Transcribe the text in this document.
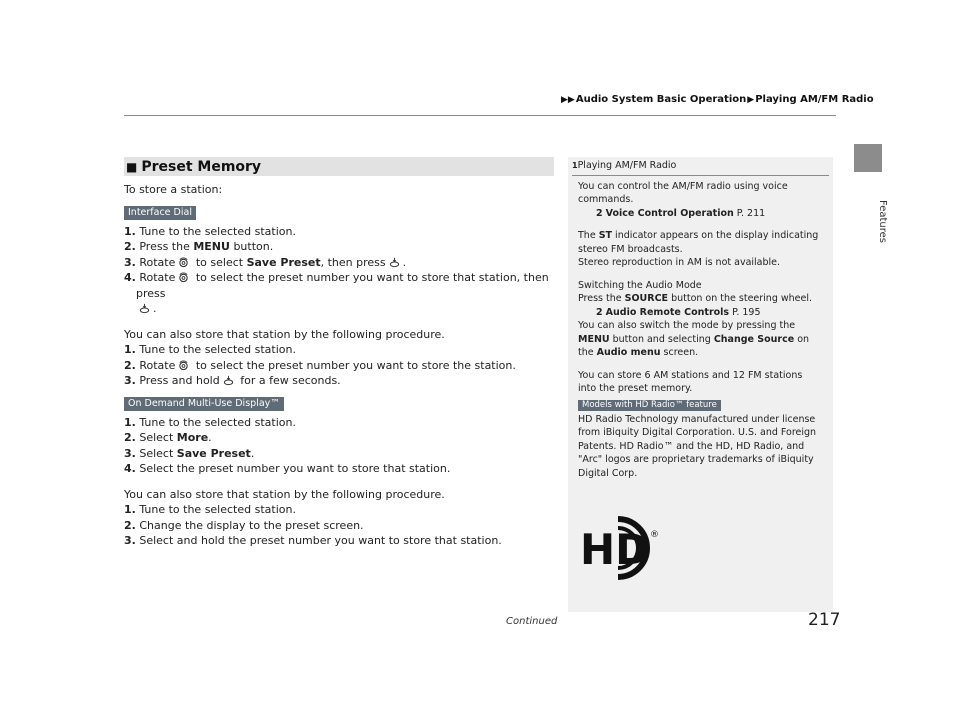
▶▶Audio System Basic Operation▶Playing AM/FM Radio
Features
■ Preset Memory

To store a station:

Interface Dial
1. Tune to the selected station.
2. Press the MENU button.
3. Rotate to select Save Preset, then press .
4. Rotate to select the preset number you want to store that station, then press
.

You can also store that station by the following procedure.

1. Tune to the selected station.
2. Rotate to select the preset number you want to store the station.
3. Press and hold for a few seconds.
On Demand Multi-Use Display™
1. Tune to the selected station.
2. Select More.
3. Select Save Preset.
4. Select the preset number you want to store that station.

You can also store that station by the following procedure.

1. Tune to the selected station.
2. Change the display to the preset screen.
3. Select and hold the preset number you want to store that station.
1Playing AM/FM Radio

You can control the AM/FM radio using voice commands.

2 Voice Control Operation P. 211

The ST indicator appears on the display indicating stereo FM broadcasts.

Stereo reproduction in AM is not available.

Switching the Audio Mode

Press the SOURCE button on the steering wheel.

2 Audio Remote Controls P. 195

You can also switch the mode by pressing the MENU button and selecting Change Source on the Audio menu screen.

You can store 6 AM stations and 12 FM stations into the preset memory.

Models with HD Radio™ feature

HD Radio Technology manufactured under license from iBiquity Digital Corporation. U.S. and Foreign Patents. HD Radio™ and the HD, HD Radio, and "Arc" logos are proprietary trademarks of iBiquity Digital Corp.

HD ®
Continued	217
